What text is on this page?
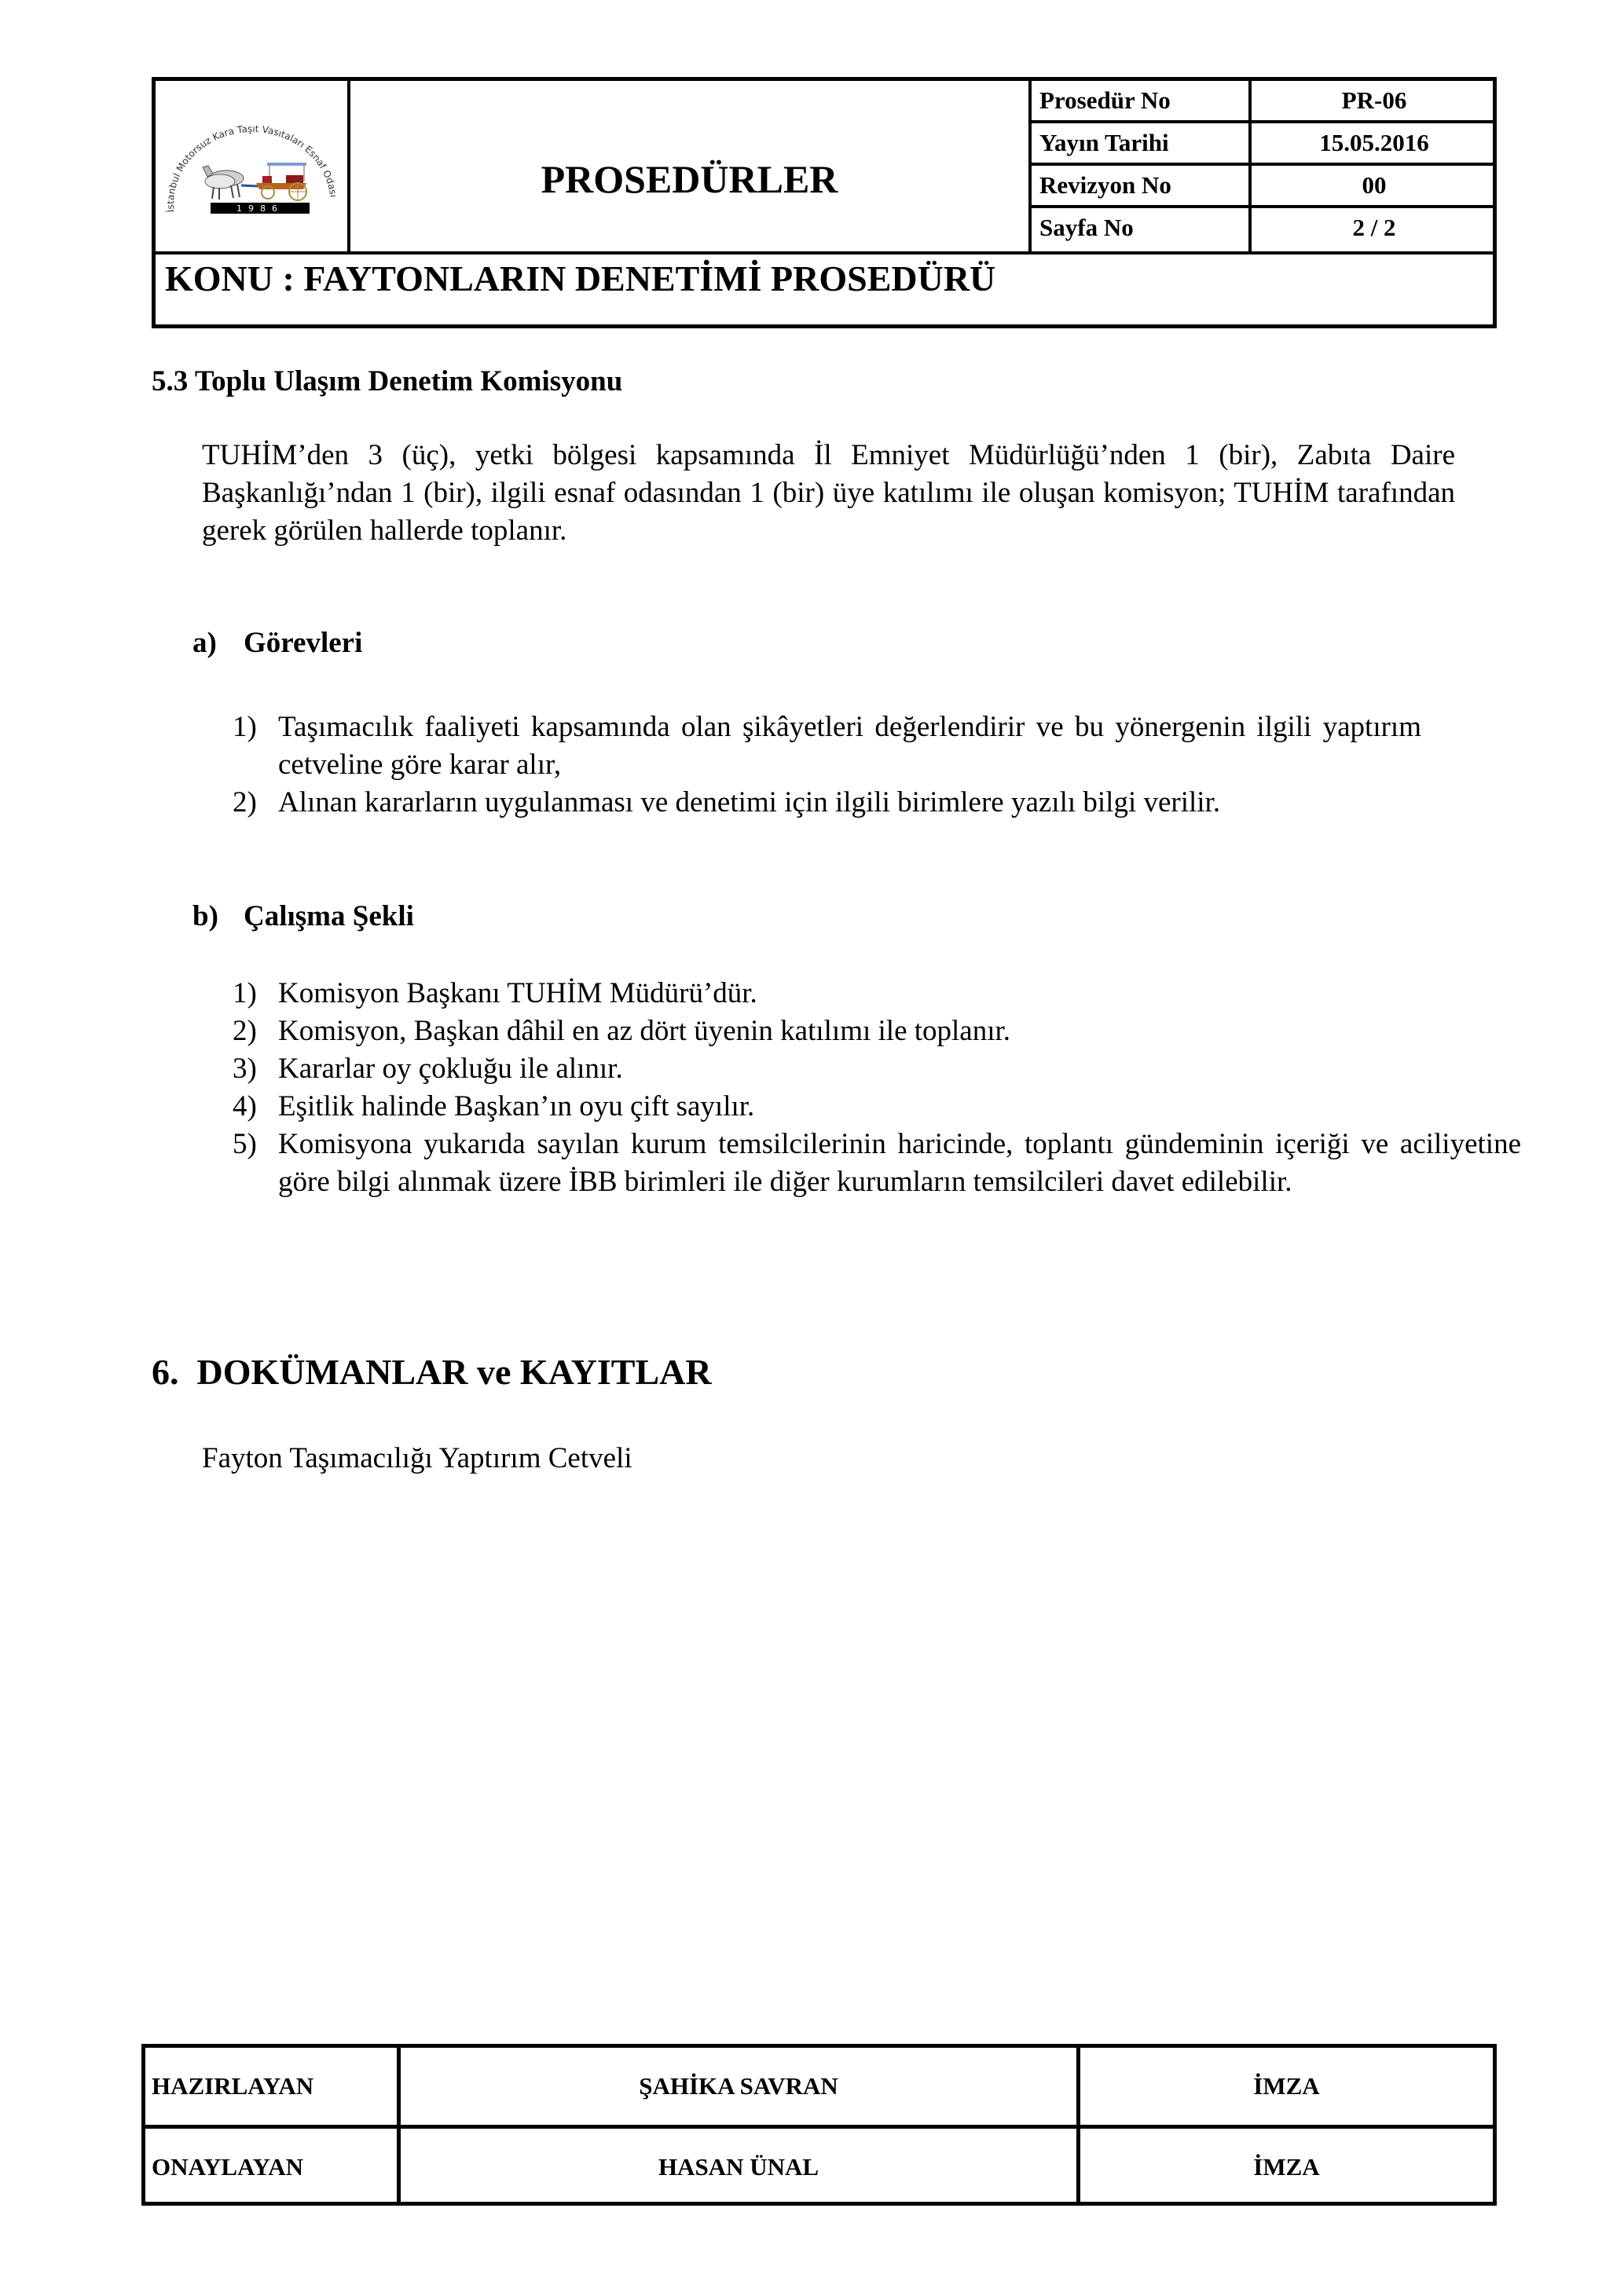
1986
İstanbul Motorsuz Kara Taşıt Vasıtaları Esnaf Odası	PROSEDÜRLER
Prosedür No	PR-06
Yayın Tarihi	15.05.2016
Revizyon No	00
Sayfa No	2 / 2
KONU : FAYTONLARIN DENETİMİ PROSEDÜRÜ
5.3 Toplu Ulaşım Denetim Komisyonu
TUHİM’den 3 (üç), yetki bölgesi kapsamında İl Emniyet Müdürlüğü’nden 1 (bir), Zabıta Daire Başkanlığı’ndan 1 (bir), ilgili esnaf odasından 1 (bir) üye katılımı ile oluşan komisyon; TUHİM tarafından gerek görülen hallerde toplanır.
a) Görevleri
1) Taşımacılık faaliyeti kapsamında olan şikâyetleri değerlendirir ve bu yönergenin ilgili yaptırım cetveline göre karar alır,
2) Alınan kararların uygulanması ve denetimi için ilgili birimlere yazılı bilgi verilir.
b) Çalışma Şekli
1) Komisyon Başkanı TUHİM Müdürü’dür.
2) Komisyon, Başkan dâhil en az dört üyenin katılımı ile toplanır.
3) Kararlar oy çokluğu ile alınır.
4) Eşitlik halinde Başkan’ın oyu çift sayılır.
5) Komisyona yukarıda sayılan kurum temsilcilerinin haricinde, toplantı gündeminin içeriği ve aciliyetine göre bilgi alınmak üzere İBB birimleri ile diğer kurumların temsilcileri davet edilebilir.
6.  DOKÜMANLAR ve KAYITLAR
Fayton Taşımacılığı Yaptırım Cetveli
HAZIRLAYAN	ŞAHİKA SAVRAN	İMZA
ONAYLAYAN	HASAN ÜNAL	İMZA
